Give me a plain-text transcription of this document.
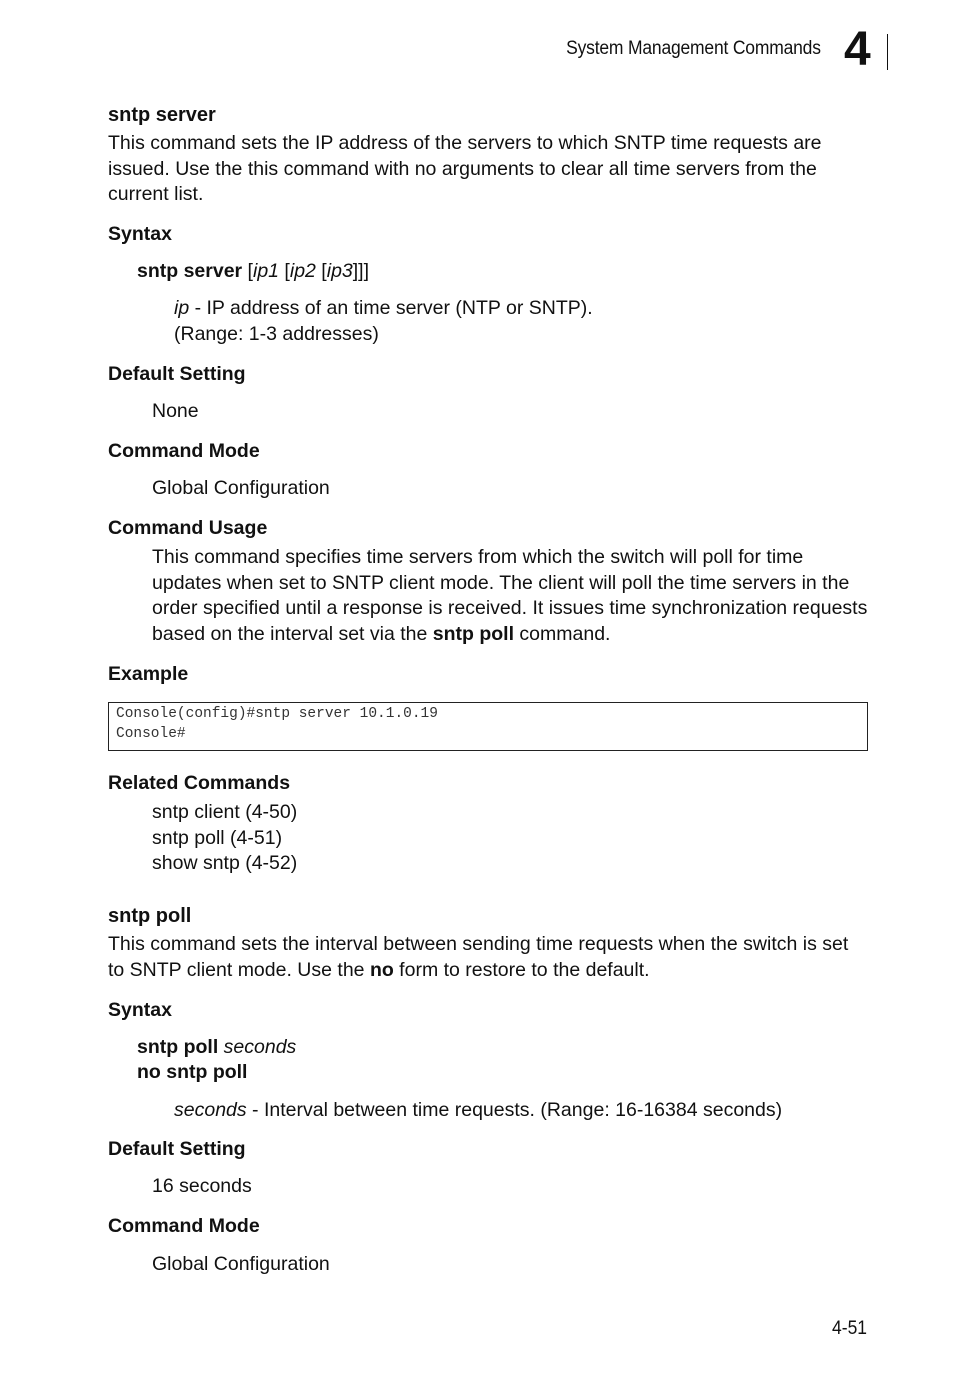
System Management Commands 4
sntp server
This command sets the IP address of the servers to which SNTP time requests are issued. Use the this command with no arguments to clear all time servers from the current list.
Syntax
sntp server [ip1 [ip2 [ip3]]]
ip - IP address of an time server (NTP or SNTP).
(Range: 1-3 addresses)
Default Setting
None
Command Mode
Global Configuration
Command Usage
This command specifies time servers from which the switch will poll for time updates when set to SNTP client mode. The client will poll the time servers in the order specified until a response is received. It issues time synchronization requests based on the interval set via the sntp poll command.
Example
Console(config)#sntp server 10.1.0.19
Console#
Related Commands
sntp client (4-50)
sntp poll (4-51)
show sntp (4-52)
sntp poll
This command sets the interval between sending time requests when the switch is set to SNTP client mode. Use the no form to restore to the default.
Syntax
sntp poll seconds
no sntp poll
seconds - Interval between time requests. (Range: 16-16384 seconds)
Default Setting
16 seconds
Command Mode
Global Configuration
4-51
